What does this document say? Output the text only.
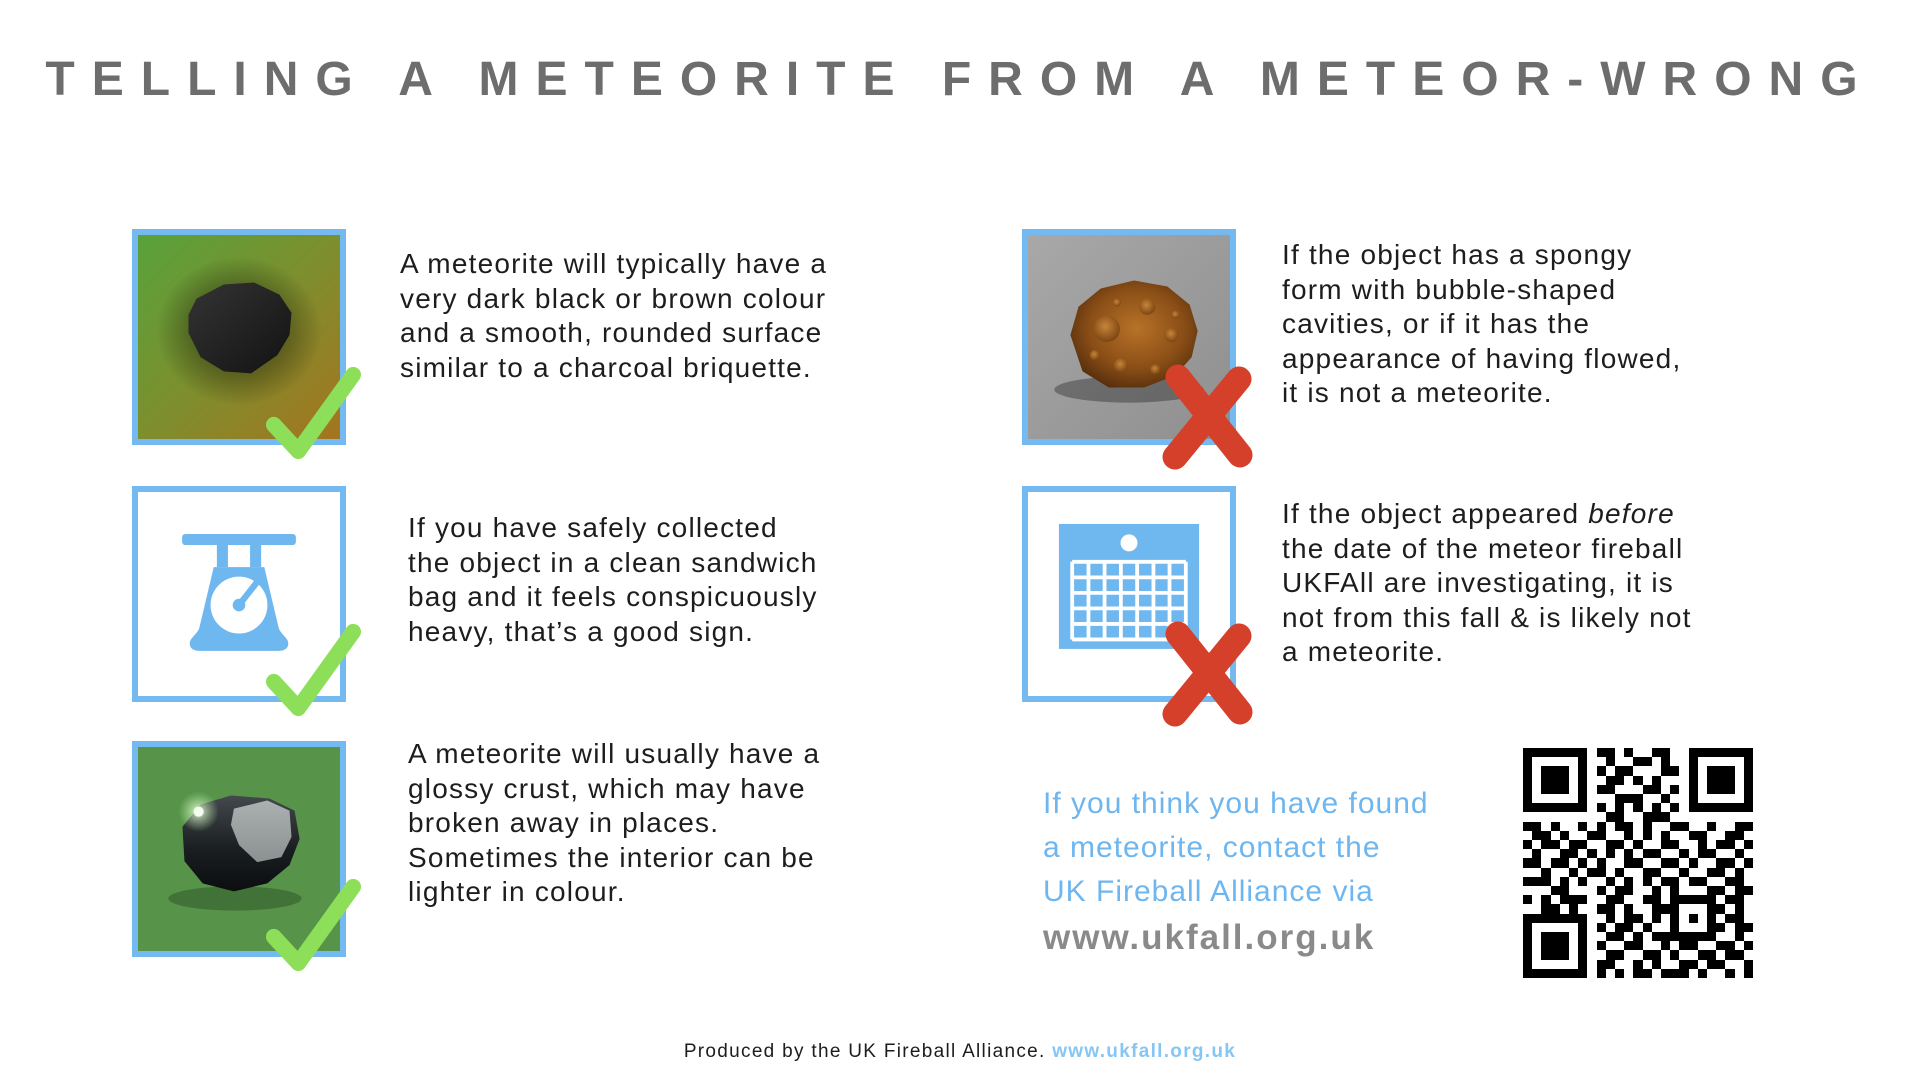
TELLING A METEORITE FROM A METEOR-WRONG
A meteorite will typically have a
very dark black or brown colour
and a smooth, rounded surface
similar to a charcoal briquette.
If you have safely collected
the object in a clean sandwich
bag and it feels conspicuously
heavy, that’s a good sign.
A meteorite will usually have a
glossy crust, which may have
broken away in places.
Sometimes the interior can be
lighter in colour.
If the object has a spongy
form with bubble-shaped
cavities, or if it has the
appearance of having flowed,
it is not a meteorite.
If the object appeared before
the date of the meteor fireball
UKFAll are investigating, it is
not from this fall & is likely not
a meteorite.
If you think you have found
a meteorite, contact the
UK Fireball Alliance via
www.ukfall.org.uk
Produced by the UK Fireball Alliance. www.ukfall.org.uk
